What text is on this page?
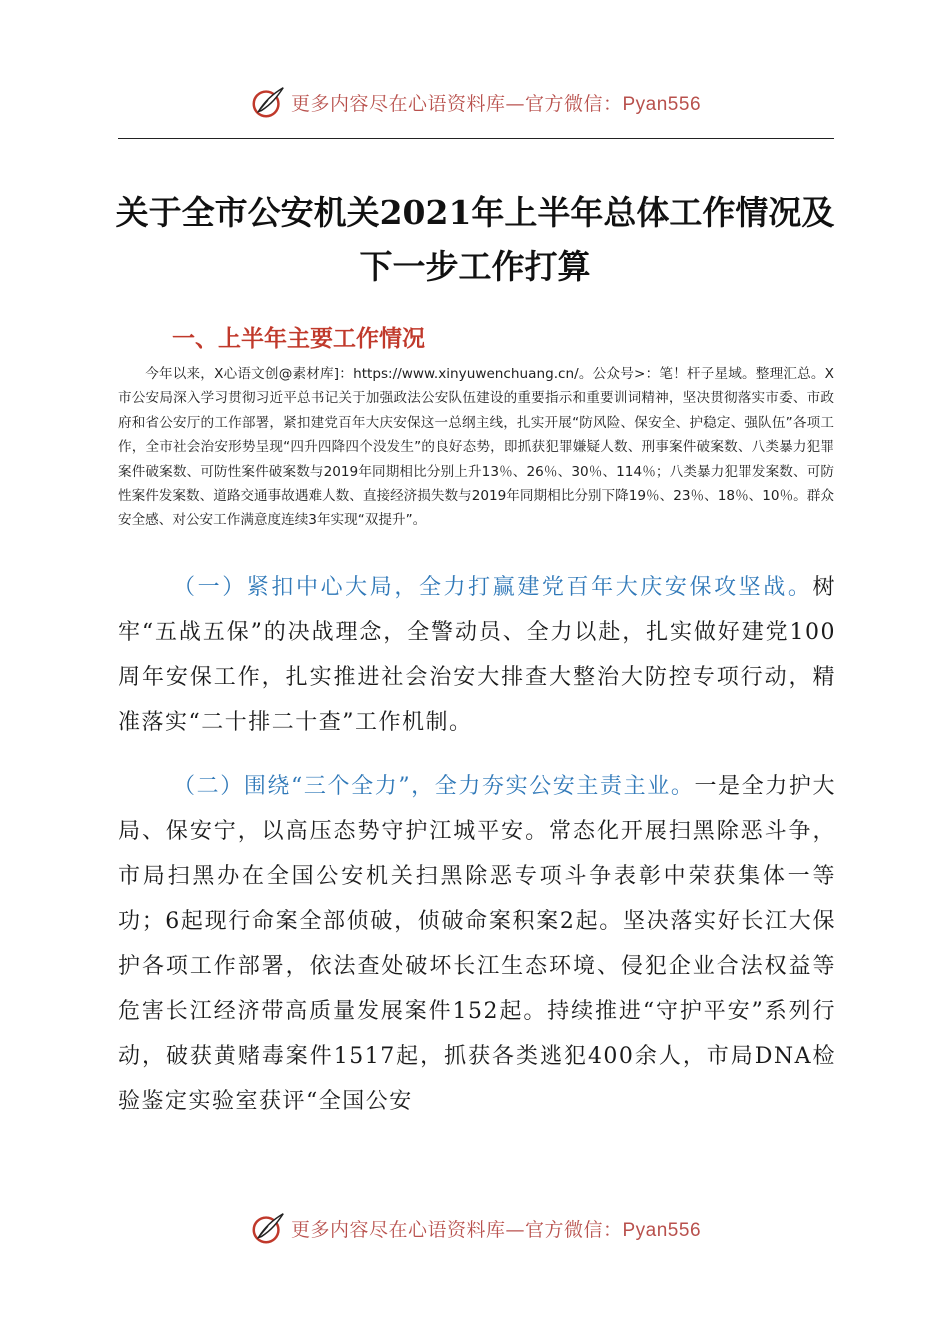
更多内容尽在心语资料库—官方微信：Pyan556
关于全市公安机关2021年上半年总体工作情况及下一步工作打算
一、上半年主要工作情况

今年以来，X心语文创@素材库]：https://www.xinyuwenchuang.cn/。公众号>：笔！杆子星域。整理汇总。X市公安局深入学习贯彻习近平总书记关于加强政法公安队伍建设的重要指示和重要训词精神，坚决贯彻落实市委、市政府和省公安厅的工作部署，紧扣建党百年大庆安保这一总纲主线，扎实开展“防风险、保安全、护稳定、强队伍”各项工作，全市社会治安形势呈现“四升四降四个没发生”的良好态势，即抓获犯罪嫌疑人数、刑事案件破案数、八类暴力犯罪案件破案数、可防性案件破案数与2019年同期相比分别上升13％、26％、30％、114％；八类暴力犯罪发案数、可防性案件发案数、道路交通事故遇难人数、直接经济损失数与2019年同期相比分别下降19％、23％、18％、10％。群众安全感、对公安工作满意度连续3年实现“双提升”。

（一）紧扣中心大局，全力打赢建党百年大庆安保攻坚战。树牢“五战五保”的决战理念，全警动员、全力以赴，扎实做好建党100周年安保工作，扎实推进社会治安大排查大整治大防控专项行动，精准落实“二十排二十查”工作机制。

（二）围绕“三个全力”，全力夯实公安主责主业。一是全力护大局、保安宁，以高压态势守护江城平安。常态化开展扫黑除恶斗争，市局扫黑办在全国公安机关扫黑除恶专项斗争表彰中荣获集体一等功；6起现行命案全部侦破，侦破命案积案2起。坚决落实好长江大保护各项工作部署，依法查处破坏长江生态环境、侵犯企业合法权益等危害长江经济带高质量发展案件152起。持续推进“守护平安”系列行动，破获黄赌毒案件1517起，抓获各类逃犯400余人，市局DNA检验鉴定实验室获评“全国公安

更多内容尽在心语资料库—官方微信：Pyan556
